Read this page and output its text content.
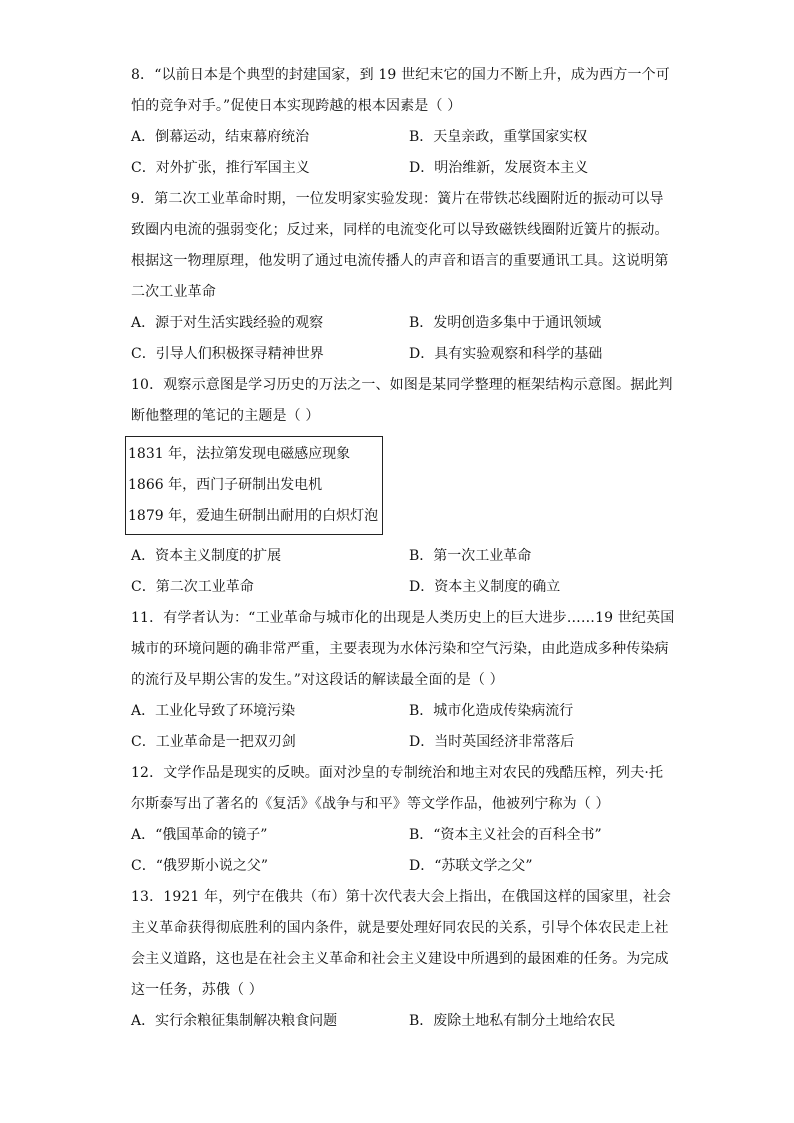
8．“以前日本是个典型的封建国家，到 19 世纪末它的国力不断上升，成为西方一个可
怕的竞争对手。”促使日本实现跨越的根本因素是（ ）
A．倒幕运动，结束幕府统治	B．天皇亲政，重掌国家实权
C．对外扩张，推行军国主义	D．明治维新，发展资本主义
9．第二次工业革命时期，一位发明家实验发现：簧片在带铁芯线圈附近的振动可以导
致圈内电流的强弱变化；反过来，同样的电流变化可以导致磁铁线圈附近簧片的振动。
根据这一物理原理，他发明了通过电流传播人的声音和语言的重要通讯工具。这说明第
二次工业革命
A．源于对生活实践经验的观察	B．发明创造多集中于通讯领域
C．引导人们积极探寻精神世界	D．具有实验观察和科学的基础
10．观察示意图是学习历史的万法之一、如图是某同学整理的框架结构示意图。据此判
断他整理的笔记的主题是（ ）
1831 年，法拉第发现电磁感应现象
1866 年，西门子研制出发电机
1879 年，爱迪生研制出耐用的白炽灯泡
A．资本主义制度的扩展	B．第一次工业革命
C．第二次工业革命	D．资本主义制度的确立
11．有学者认为：“工业革命与城市化的出现是人类历史上的巨大进步……19 世纪英国
城市的环境问题的确非常严重，主要表现为水体污染和空气污染，由此造成多种传染病
的流行及早期公害的发生。”对这段话的解读最全面的是（ ）
A．工业化导致了环境污染	B．城市化造成传染病流行
C．工业革命是一把双刃剑	D．当时英国经济非常落后
12．文学作品是现实的反映。面对沙皇的专制统治和地主对农民的残酷压榨，列夫·托
尔斯泰写出了著名的《复活》《战争与和平》等文学作品，他被列宁称为（ ）
A．“俄国革命的镜子”	B．“资本主义社会的百科全书”
C．“俄罗斯小说之父”	D．“苏联文学之父”
13．1921 年，列宁在俄共（布）第十次代表大会上指出，在俄国这样的国家里，社会
主义革命获得彻底胜利的国内条件，就是要处理好同农民的关系，引导个体农民走上社
会主义道路，这也是在社会主义革命和社会主义建设中所遇到的最困难的任务。为完成
这一任务，苏俄（ ）
A．实行余粮征集制解决粮食问题	B．废除土地私有制分土地给农民
